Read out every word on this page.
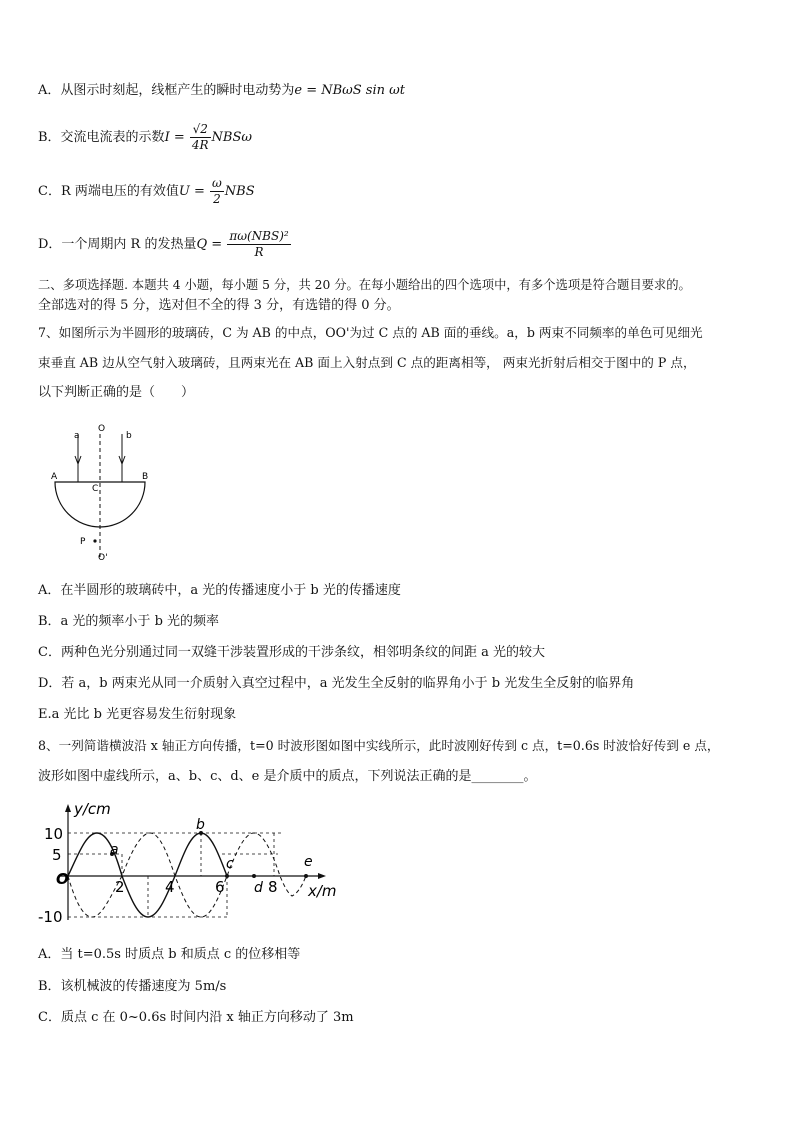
A．从图示时刻起，线框产生的瞬时电动势为e = NBωS sin ωt
B．交流电流表的示数$I = \frac{√2}{4R}$ NBSω
C．R 两端电压的有效值$U = \frac{\omega}{2}$ NBS
D．一个周期内 R 的发热量$Q = \frac{\text{πω(NBS)²}}{R}$
二、多项选择题. 本题共 4 小题，每小题 5 分，共 20 分。在每小题给出的四个选项中，有多个选项是符合题目要求的。
全部选对的得 5 分，选对但不全的得 3 分，有选错的得 0 分。
7、如图所示为半圆形的玻璃砖，C 为 AB 的中点，OO'为过 C 点的 AB 面的垂线。a，b 两束不同频率的单色可见细光
束垂直 AB 边从空气射入玻璃砖，且两束光在 AB 面上入射点到 C 点的距离相等， 两束光折射后相交于图中的 P 点，
以下判断正确的是（　　）
a	b
O
A	B
C
P
O'
A．在半圆形的玻璃砖中，a 光的传播速度小于 b 光的传播速度
B．a 光的频率小于 b 光的频率
C．两种色光分别通过同一双缝干涉装置形成的干涉条纹，相邻明条纹的间距 a 光的较大
D．若 a，b 两束光从同一介质射入真空过程中，a 光发生全反射的临界角小于 b 光发生全反射的临界角
E.a 光比 b 光更容易发生衍射现象
8、一列简谐横波沿 x 轴正方向传播，t=0 时波形图如图中实线所示，此时波刚好传到 c 点，t=0.6s 时波恰好传到 e 点，
波形如图中虚线所示，a、b、c、d、e 是介质中的质点，下列说法正确的是________。
y/cm
x/m
O
10
5
-10
2	4	6	8
a
b
c
d
e
A．当 t=0.5s 时质点 b 和质点 c 的位移相等
B．该机械波的传播速度为 5m/s
C．质点 c 在 0~0.6s 时间内沿 x 轴正方向移动了 3m
